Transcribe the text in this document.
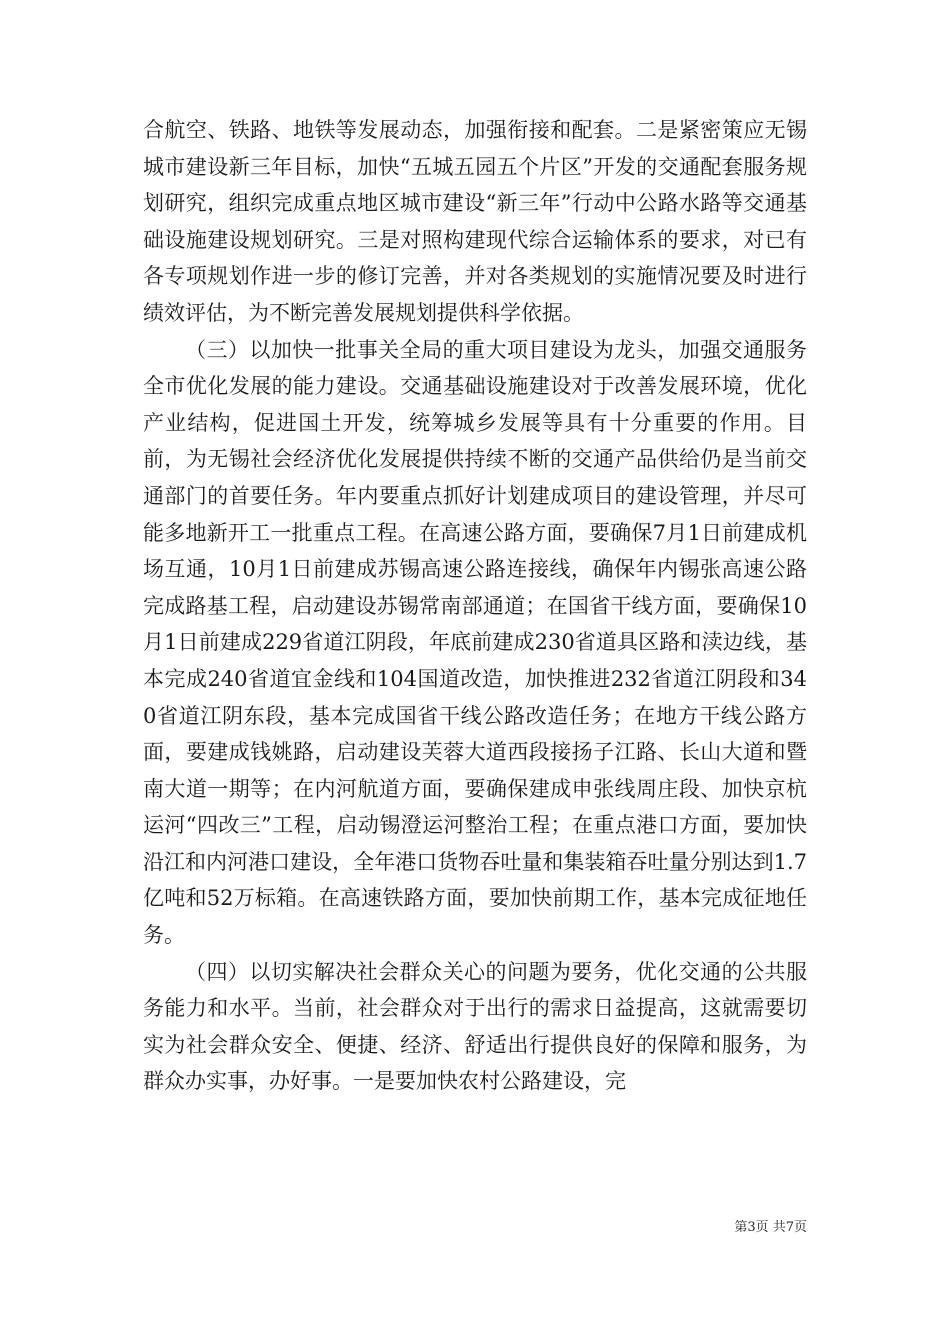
合航空、铁路、地铁等发展动态，加强衔接和配套。二是紧密策应无锡城市建设新三年目标，加快“五城五园五个片区”开发的交通配套服务规划研究，组织完成重点地区城市建设“新三年”行动中公路水路等交通基础设施建设规划研究。三是对照构建现代综合运输体系的要求，对已有各专项规划作进一步的修订完善，并对各类规划的实施情况要及时进行绩效评估，为不断完善发展规划提供科学依据。

（三）以加快一批事关全局的重大项目建设为龙头，加强交通服务全市优化发展的能力建设。交通基础设施建设对于改善发展环境，优化产业结构，促进国土开发，统筹城乡发展等具有十分重要的作用。目前，为无锡社会经济优化发展提供持续不断的交通产品供给仍是当前交通部门的首要任务。年内要重点抓好计划建成项目的建设管理，并尽可能多地新开工一批重点工程。在高速公路方面，要确保7月1日前建成机场互通，10月1日前建成苏锡高速公路连接线，确保年内锡张高速公路完成路基工程，启动建设苏锡常南部通道；在国省干线方面，要确保10月1日前建成229省道江阴段，年底前建成230省道具区路和渎边线，基本完成240省道宜金线和104国道改造，加快推进232省道江阴段和340省道江阴东段，基本完成国省干线公路改造任务；在地方干线公路方面，要建成钱姚路，启动建设芙蓉大道西段接扬子江路、长山大道和暨南大道一期等；在内河航道方面，要确保建成申张线周庄段、加快京杭运河“四改三”工程，启动锡澄运河整治工程；在重点港口方面，要加快沿江和内河港口建设，全年港口货物吞吐量和集装箱吞吐量分别达到1.7亿吨和52万标箱。在高速铁路方面，要加快前期工作，基本完成征地任务。

（四）以切实解决社会群众关心的问题为要务，优化交通的公共服务能力和水平。当前，社会群众对于出行的需求日益提高，这就需要切实为社会群众安全、便捷、经济、舒适出行提供良好的保障和服务，为群众办实事，办好事。一是要加快农村公路建设，完

第3页 共7页
